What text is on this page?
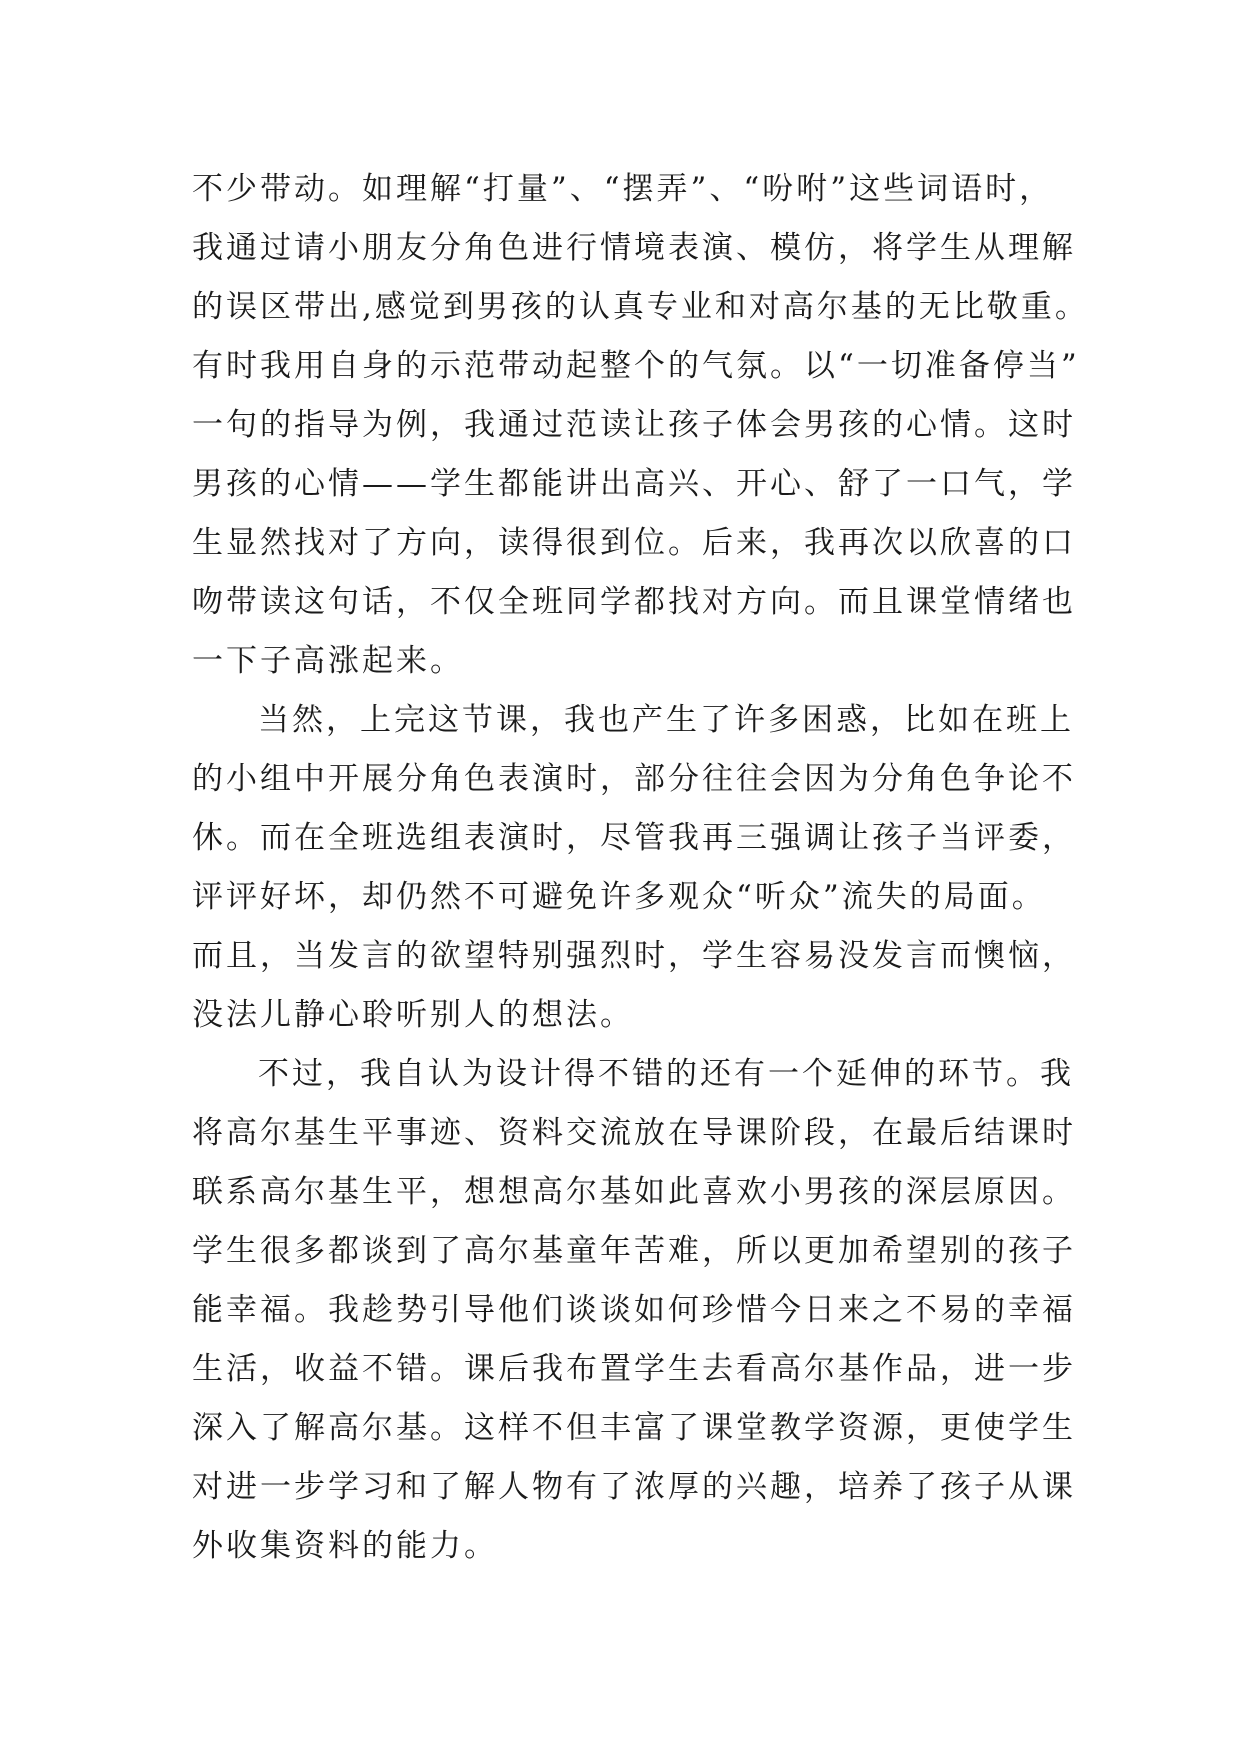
不少带动。如理解“打量”、“摆弄”、“吩咐”这些词语时，
我通过请小朋友分角色进行情境表演、模仿，将学生从理解
的误区带出,感觉到男孩的认真专业和对高尔基的无比敬重。
有时我用自身的示范带动起整个的气氛。以“一切准备停当”
一句的指导为例，我通过范读让孩子体会男孩的心情。这时
男孩的心情——学生都能讲出高兴、开心、舒了一口气，学
生显然找对了方向，读得很到位。后来，我再次以欣喜的口
吻带读这句话，不仅全班同学都找对方向。而且课堂情绪也
一下子高涨起来。
当然，上完这节课，我也产生了许多困惑，比如在班上
的小组中开展分角色表演时，部分往往会因为分角色争论不
休。而在全班选组表演时，尽管我再三强调让孩子当评委，
评评好坏，却仍然不可避免许多观众“听众”流失的局面。
而且，当发言的欲望特别强烈时，学生容易没发言而懊恼，
没法儿静心聆听别人的想法。
不过，我自认为设计得不错的还有一个延伸的环节。我
将高尔基生平事迹、资料交流放在导课阶段，在最后结课时
联系高尔基生平，想想高尔基如此喜欢小男孩的深层原因。
学生很多都谈到了高尔基童年苦难，所以更加希望别的孩子
能幸福。我趁势引导他们谈谈如何珍惜今日来之不易的幸福
生活，收益不错。课后我布置学生去看高尔基作品，进一步
深入了解高尔基。这样不但丰富了课堂教学资源，更使学生
对进一步学习和了解人物有了浓厚的兴趣，培养了孩子从课
外收集资料的能力。
